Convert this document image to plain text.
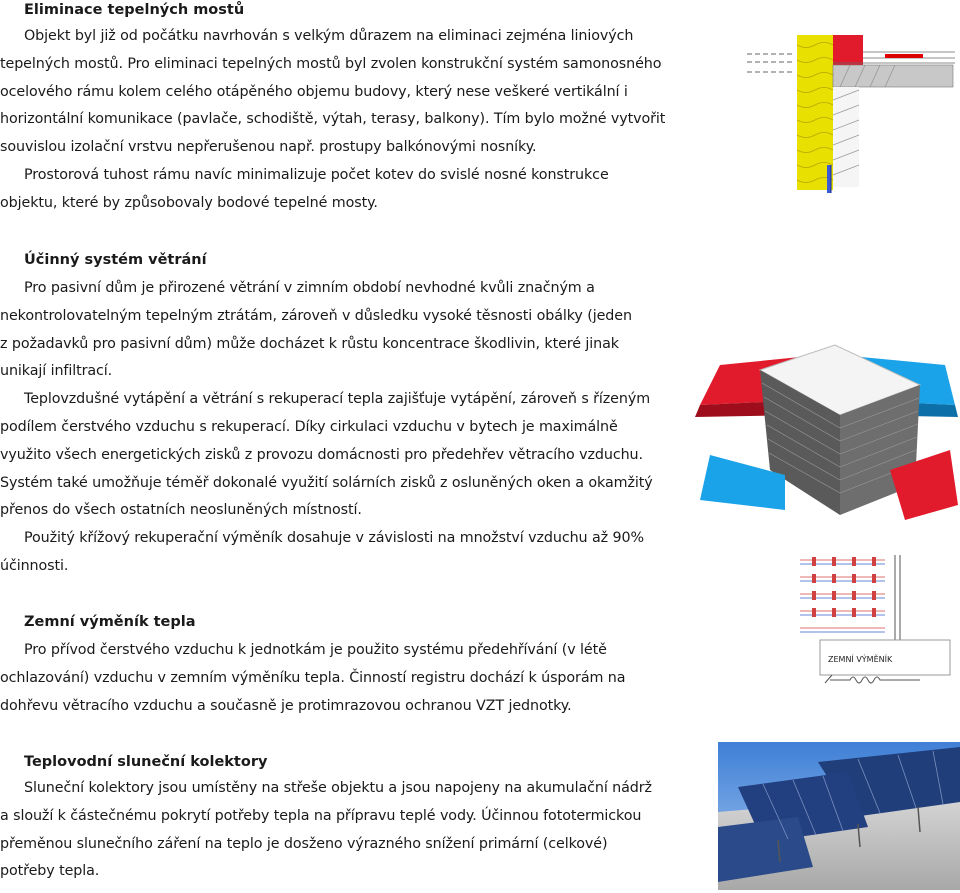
Eliminace tepelných mostů
Objekt byl již od počátku navrhován s velkým důrazem na eliminaci zejména liniových
tepelných mostů. Pro eliminaci tepelných mostů byl zvolen konstrukční systém samonosného
ocelového rámu kolem celého otápěného objemu budovy, který nese veškeré vertikální i
horizontální komunikace (pavlače, schodiště, výtah, terasy, balkony). Tím bylo možné vytvořit
souvislou izolační vrstvu nepřerušenou např. prostupy balkónovými nosníky.
Prostorová tuhost rámu navíc minimalizuje počet kotev do svislé nosné konstrukce
objektu, které by způsobovaly bodové tepelné mosty.
Účinný systém větrání
Pro pasivní dům je přirozené větrání v zimním období nevhodné kvůli značným a
nekontrolovatelným tepelným ztrátám, zároveň v důsledku vysoké těsnosti obálky (jeden
z požadavků pro pasivní dům) může docházet k růstu koncentrace škodlivin, které jinak
unikají infiltrací.
Teplovzdušné vytápění a větrání s rekuperací tepla zajišťuje vytápění, zároveň s řízeným
podílem čerstvého vzduchu s rekuperací. Díky cirkulaci vzduchu v bytech je maximálně
využito všech energetických zisků z provozu domácnosti pro předehřev větracího vzduchu.
Systém také umožňuje téměř dokonalé využití solárních zisků z osluněných oken a okamžitý
přenos do všech ostatních neosluněných místností.
Použitý křížový rekuperační výměník dosahuje v závislosti na množství vzduchu až 90%
účinnosti.
Zemní výměník tepla
Pro přívod čerstvého vzduchu k jednotkám je použito systému předehřívání (v létě
ochlazování) vzduchu v zemním výměníku tepla. Činností registru dochází k úsporám na
dohřevu větracího vzduchu a současně je protimrazovou ochranou VZT jednotky.
Teplovodní sluneční kolektory
Sluneční kolektory jsou umístěny na střeše objektu a jsou napojeny na akumulační nádrž
a slouží k částečnému pokrytí potřeby tepla na přípravu teplé vody. Účinnou fototermickou
přeměnou slunečního záření na teplo je dosženo výrazného snížení primární (celkové)
potřeby tepla.
ZEMNÍ VÝMĚNÍK
